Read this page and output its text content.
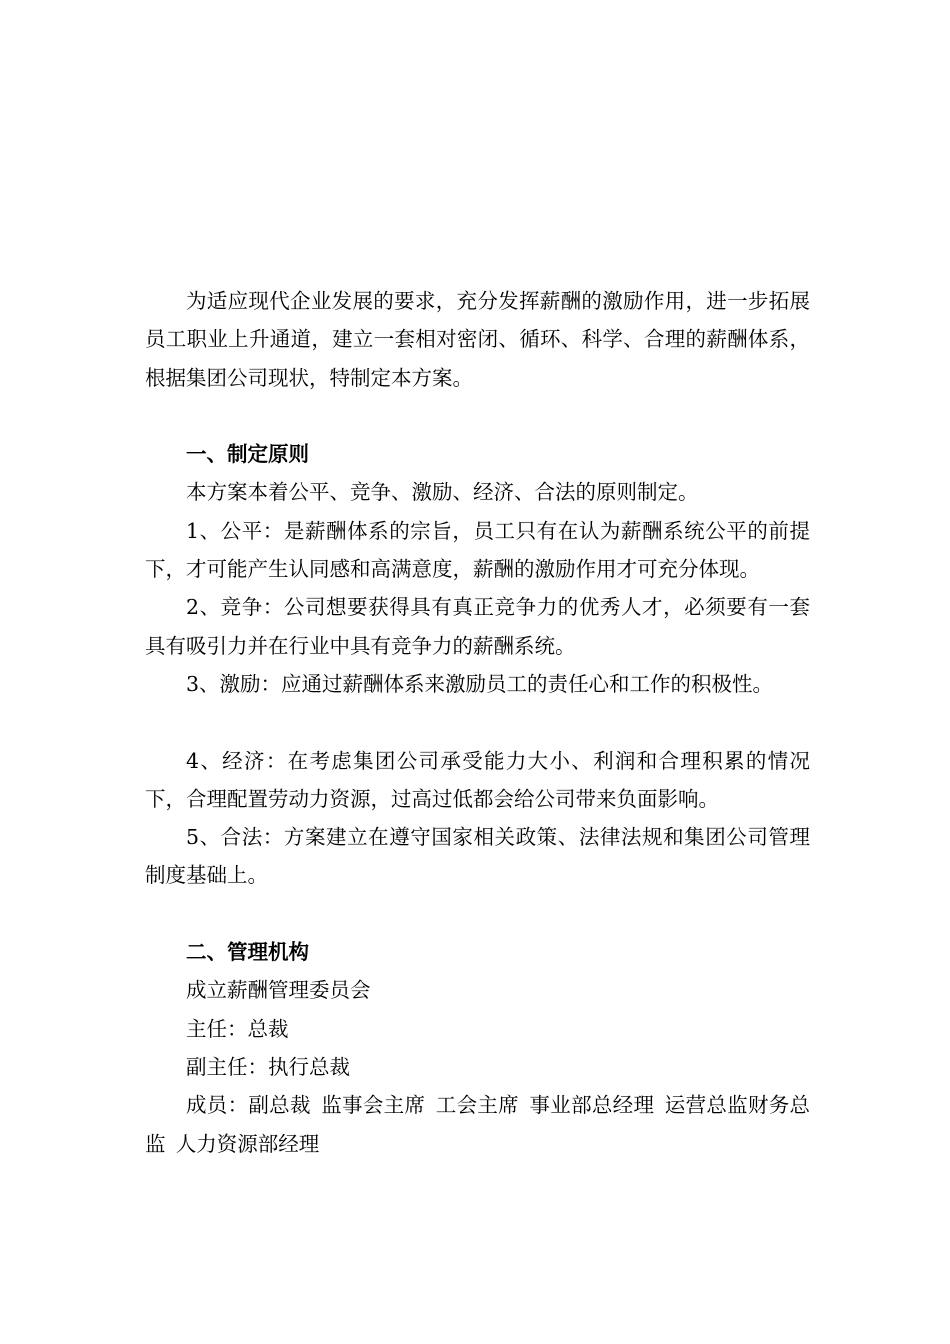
为适应现代企业发展的要求，充分发挥薪酬的激励作用，进一步拓展员工职业上升通道，建立一套相对密闭、循环、科学、合理的薪酬体系，根据集团公司现状，特制定本方案。

一、制定原则

本方案本着公平、竞争、激励、经济、合法的原则制定。

1、公平：是薪酬体系的宗旨，员工只有在认为薪酬系统公平的前提下，才可能产生认同感和高满意度，薪酬的激励作用才可充分体现。

2、竞争：公司想要获得具有真正竞争力的优秀人才，必须要有一套具有吸引力并在行业中具有竞争力的薪酬系统。

3、激励：应通过薪酬体系来激励员工的责任心和工作的积极性。

4、经济：在考虑集团公司承受能力大小、利润和合理积累的情况下，合理配置劳动力资源，过高过低都会给公司带来负面影响。

5、合法：方案建立在遵守国家相关政策、法律法规和集团公司管理制度基础上。

二、管理机构

成立薪酬管理委员会

主任：总裁

副主任：执行总裁

成员：副总裁 监事会主席 工会主席 事业部总经理 运营总监财务总监 人力资源部经理
